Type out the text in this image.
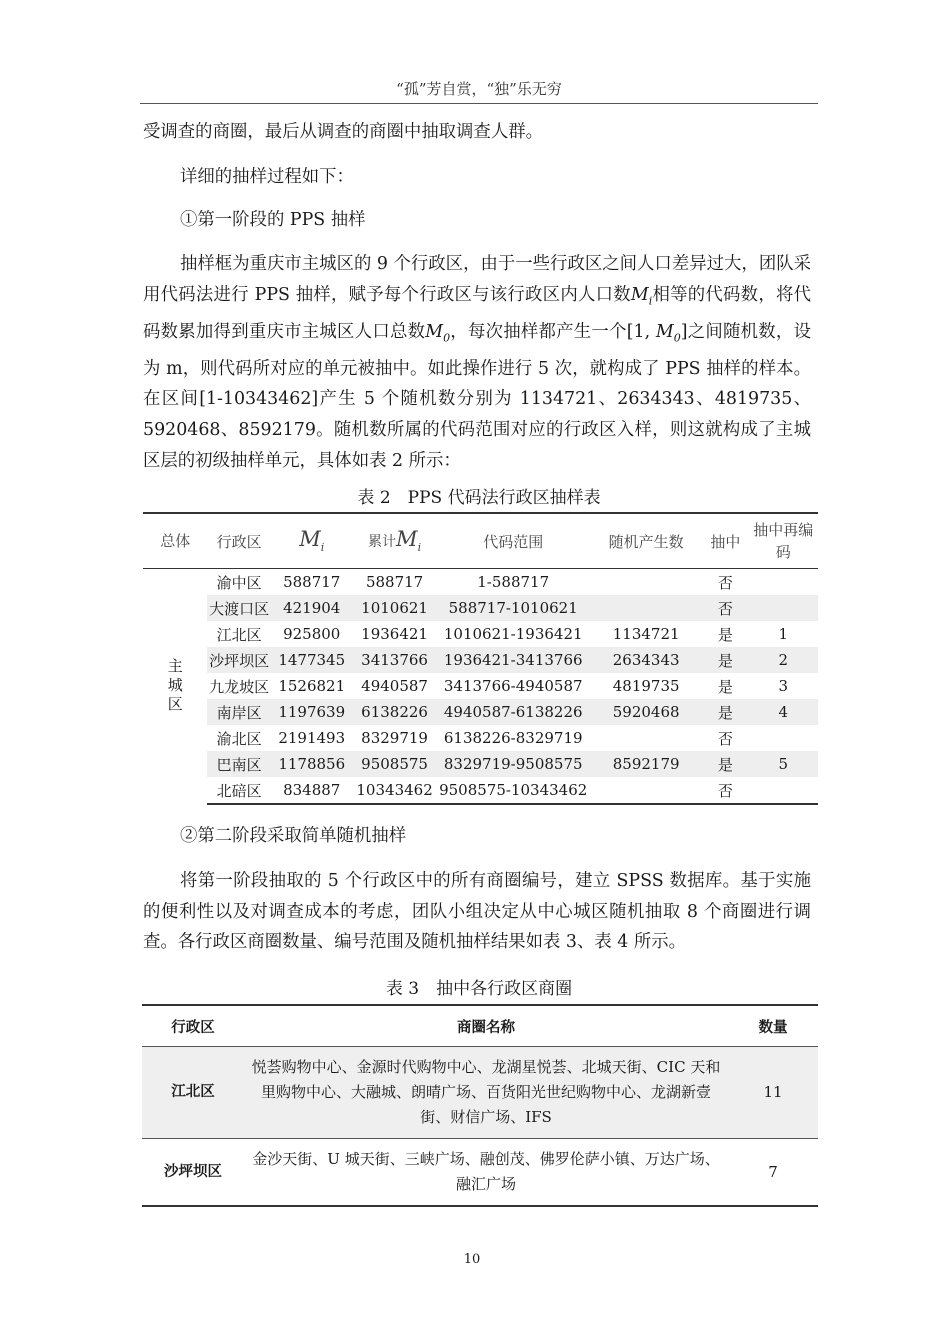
“孤”芳自赏，“独”乐无穷

受调查的商圈，最后从调查的商圈中抽取调查人群。

详细的抽样过程如下：

①第一阶段的 PPS 抽样

抽样框为重庆市主城区的 9 个行政区，由于一些行政区之间人口差异过大，团队采用代码法进行 PPS 抽样，赋予每个行政区与该行政区内人口数$M_i$相等的代码数，将代码数累加得到重庆市主城区人口总数$M_0$，每次抽样都产生一个[1, $M_0$]之间随机数，设为 m，则代码所对应的单元被抽中。如此操作进行 5 次，就构成了 PPS 抽样的样本。在区间[1-10343462]产生 5 个随机数分别为 1134721、2634343、4819735、5920468、8592179。随机数所属的代码范围对应的行政区入样，则这就构成了主城区层的初级抽样单元，具体如表 2 所示：

表 2　PPS 代码法行政区抽样表
总体	行政区	$M_i$	累计$M_i$	代码范围	随机产生数	抽中	抽中再编码
主城区	渝中区	588717	588717	1-588717		否	
	大渡口区	421904	1010621	588717-1010621		否	
	江北区	925800	1936421	1010621-1936421	1134721	是	1
	沙坪坝区	1477345	3413766	1936421-3413766	2634343	是	2
	九龙坡区	1526821	4940587	3413766-4940587	4819735	是	3
	南岸区	1197639	6138226	4940587-6138226	5920468	是	4
	渝北区	2191493	8329719	6138226-8329719		否	
	巴南区	1178856	9508575	8329719-9508575	8592179	是	5
	北碚区	834887	10343462	9508575-10343462		否	

②第二阶段采取简单随机抽样

将第一阶段抽取的 5 个行政区中的所有商圈编号，建立 SPSS 数据库。基于实施的便利性以及对调查成本的考虑，团队小组决定从中心城区随机抽取 8 个商圈进行调查。各行政区商圈数量、编号范围及随机抽样结果如表 3、表 4 所示。

表 3　抽中各行政区商圈
行政区	商圈名称	数量
江北区	悦荟购物中心、金源时代购物中心、龙湖星悦荟、北城天街、CIC 天和里购物中心、大融城、朗晴广场、百货阳光世纪购物中心、龙湖新壹街、财信广场、IFS	11
沙坪坝区	金沙天街、U 城天街、三峡广场、融创茂、佛罗伦萨小镇、万达广场、融汇广场	7
10
